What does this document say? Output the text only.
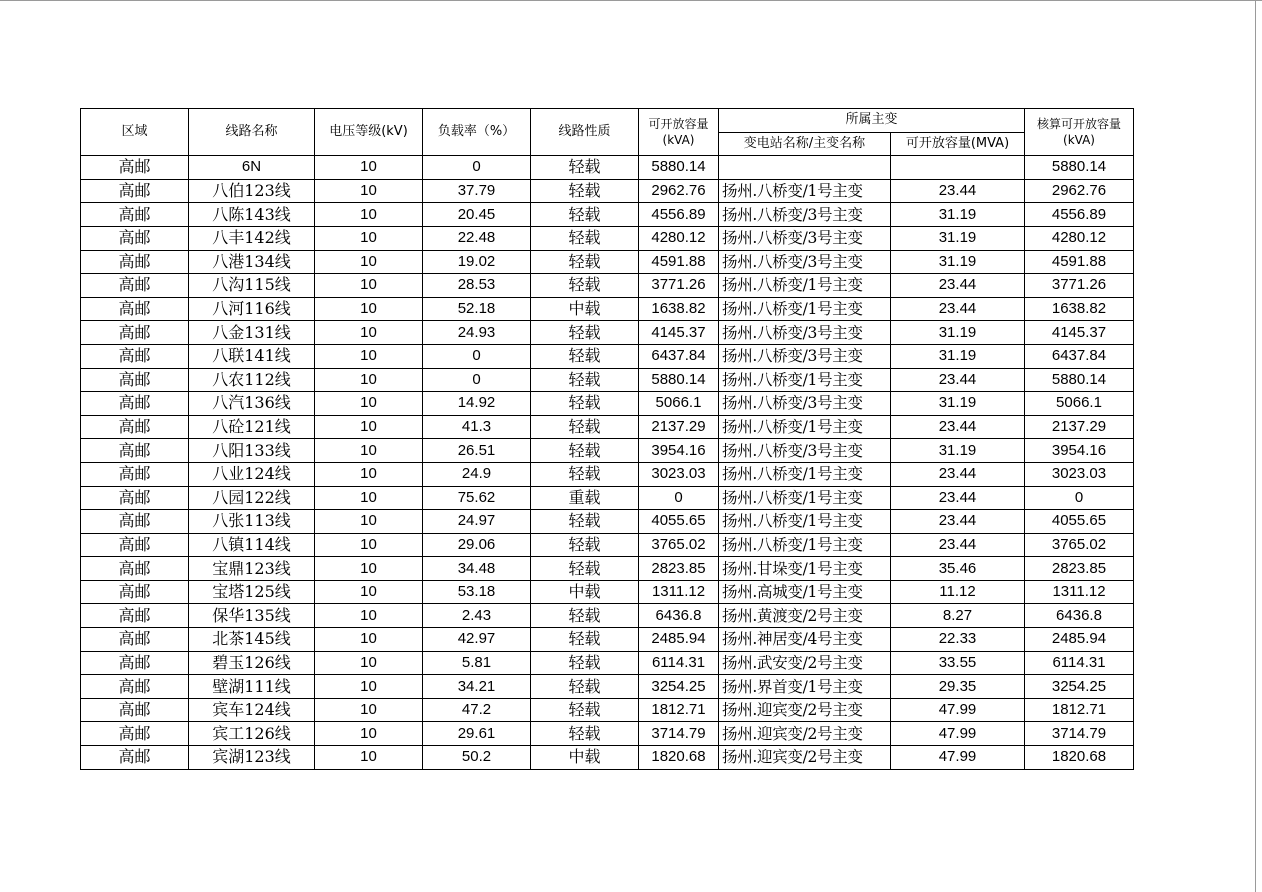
区域	线路名称	电压等级(kV)	负载率（%）	线路性质	可开放容量(kVA)	所属主变		核算可开放容量(kVA)
						变电站名称/主变名称	可开放容量(MVA)	
高邮	6N	10	0	轻载	5880.14			5880.14
高邮	八伯123线	10	37.79	轻载	2962.76	扬州.八桥变/1号主变	23.44	2962.76
高邮	八陈143线	10	20.45	轻载	4556.89	扬州.八桥变/3号主变	31.19	4556.89
高邮	八丰142线	10	22.48	轻载	4280.12	扬州.八桥变/3号主变	31.19	4280.12
高邮	八港134线	10	19.02	轻载	4591.88	扬州.八桥变/3号主变	31.19	4591.88
高邮	八沟115线	10	28.53	轻载	3771.26	扬州.八桥变/1号主变	23.44	3771.26
高邮	八河116线	10	52.18	中载	1638.82	扬州.八桥变/1号主变	23.44	1638.82
高邮	八金131线	10	24.93	轻载	4145.37	扬州.八桥变/3号主变	31.19	4145.37
高邮	八联141线	10	0	轻载	6437.84	扬州.八桥变/3号主变	31.19	6437.84
高邮	八农112线	10	0	轻载	5880.14	扬州.八桥变/1号主变	23.44	5880.14
高邮	八汽136线	10	14.92	轻载	5066.1	扬州.八桥变/3号主变	31.19	5066.1
高邮	八砼121线	10	41.3	轻载	2137.29	扬州.八桥变/1号主变	23.44	2137.29
高邮	八阳133线	10	26.51	轻载	3954.16	扬州.八桥变/3号主变	31.19	3954.16
高邮	八业124线	10	24.9	轻载	3023.03	扬州.八桥变/1号主变	23.44	3023.03
高邮	八园122线	10	75.62	重载	0	扬州.八桥变/1号主变	23.44	0
高邮	八张113线	10	24.97	轻载	4055.65	扬州.八桥变/1号主变	23.44	4055.65
高邮	八镇114线	10	29.06	轻载	3765.02	扬州.八桥变/1号主变	23.44	3765.02
高邮	宝鼎123线	10	34.48	轻载	2823.85	扬州.甘垛变/1号主变	35.46	2823.85
高邮	宝塔125线	10	53.18	中载	1311.12	扬州.高城变/1号主变	11.12	1311.12
高邮	保华135线	10	2.43	轻载	6436.8	扬州.黄渡变/2号主变	8.27	6436.8
高邮	北茶145线	10	42.97	轻载	2485.94	扬州.神居变/4号主变	22.33	2485.94
高邮	碧玉126线	10	5.81	轻载	6114.31	扬州.武安变/2号主变	33.55	6114.31
高邮	壁湖111线	10	34.21	轻载	3254.25	扬州.界首变/1号主变	29.35	3254.25
高邮	宾车124线	10	47.2	轻载	1812.71	扬州.迎宾变/2号主变	47.99	1812.71
高邮	宾工126线	10	29.61	轻载	3714.79	扬州.迎宾变/2号主变	47.99	3714.79
高邮	宾湖123线	10	50.2	中载	1820.68	扬州.迎宾变/2号主变	47.99	1820.68
